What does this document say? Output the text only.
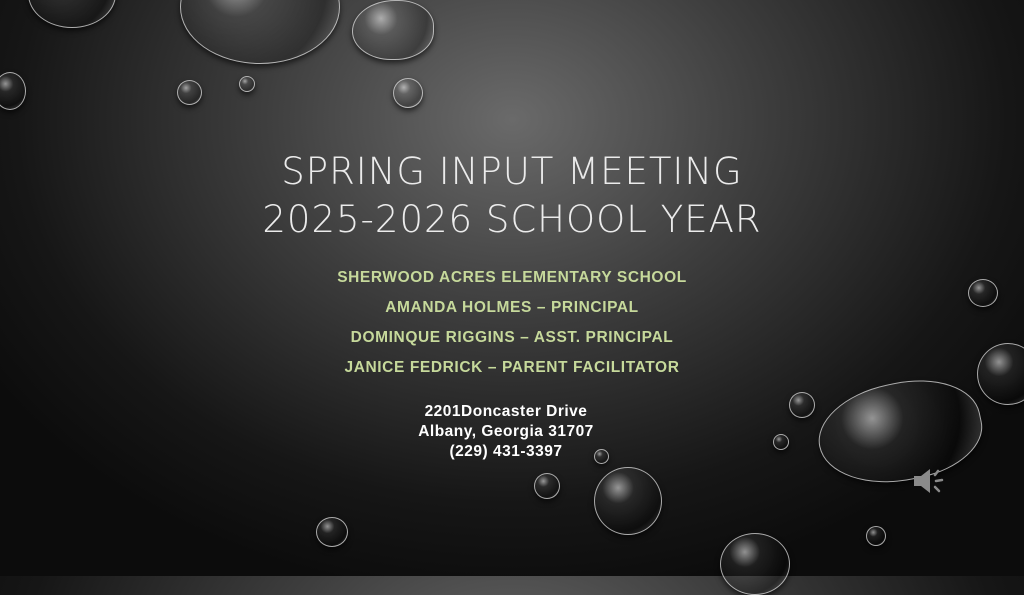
SPRING INPUT MEETING
2025-2026 SCHOOL YEAR
SHERWOOD ACRES ELEMENTARY SCHOOL
AMANDA HOLMES – PRINCIPAL
DOMINQUE RIGGINS – ASST. PRINCIPAL
JANICE FEDRICK – PARENT FACILITATOR
2201Doncaster Drive
Albany, Georgia 31707
(229) 431-3397
